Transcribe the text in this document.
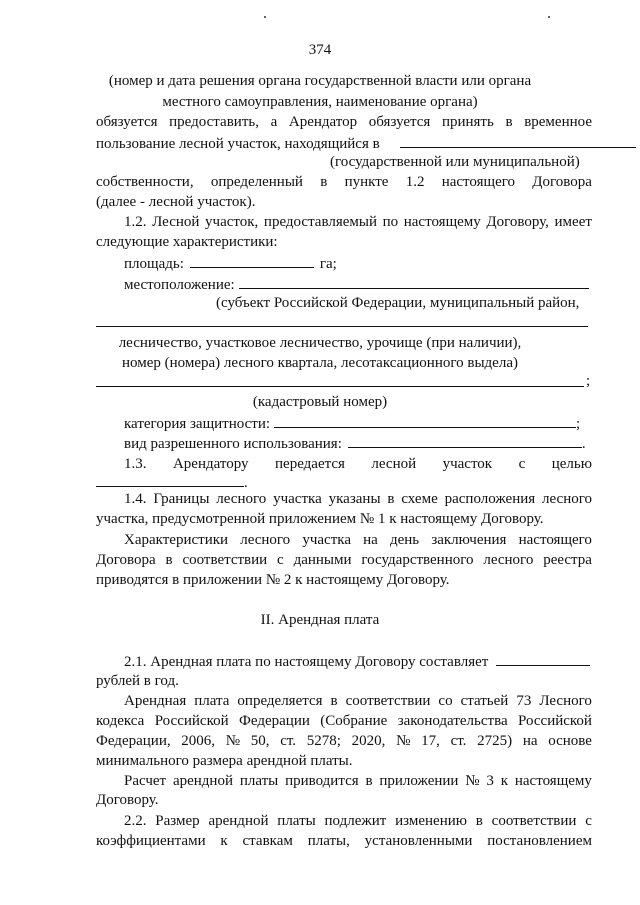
374
(номер и дата решения органа государственной власти или органа
местного самоуправления, наименование органа)
обязуется предоставить, а Арендатор обязуется принять в временное
пользование лесной участок, находящийся в
(государственной или муниципальной)
собственности, определенный в пункте 1.2 настоящего Договора
(далее - лесной участок).
1.2. Лесной участок, предоставляемый по настоящему Договору, имеет
следующие характеристики:
площадь:	га;
местоположение:
(субъект Российской Федерации, муниципальный район,
лесничество, участковое лесничество, урочище (при наличии),
номер (номера) лесного квартала, лесотаксационного выдела)
;
(кадастровый номер)
категория защитности:	;
вид разрешенного использования:	.
1.3. Арендатору передается лесной участок с целью
.
1.4. Границы лесного участка указаны в схеме расположения лесного
участка, предусмотренной приложением № 1 к настоящему Договору.
Характеристики лесного участка на день заключения настоящего
Договора в соответствии с данными государственного лесного реестра
приводятся в приложении № 2 к настоящему Договору.
II. Арендная плата
2.1. Арендная плата по настоящему Договору составляет
рублей в год.
Арендная плата определяется в соответствии со статьей 73 Лесного
кодекса Российской Федерации (Собрание законодательства Российской
Федерации, 2006, № 50, ст. 5278; 2020, № 17, ст. 2725) на основе
минимального размера арендной платы.
Расчет арендной платы приводится в приложении № 3 к настоящему
Договору.
2.2. Размер арендной платы подлежит изменению в соответствии с
коэффициентами к ставкам платы, установленными постановлением
